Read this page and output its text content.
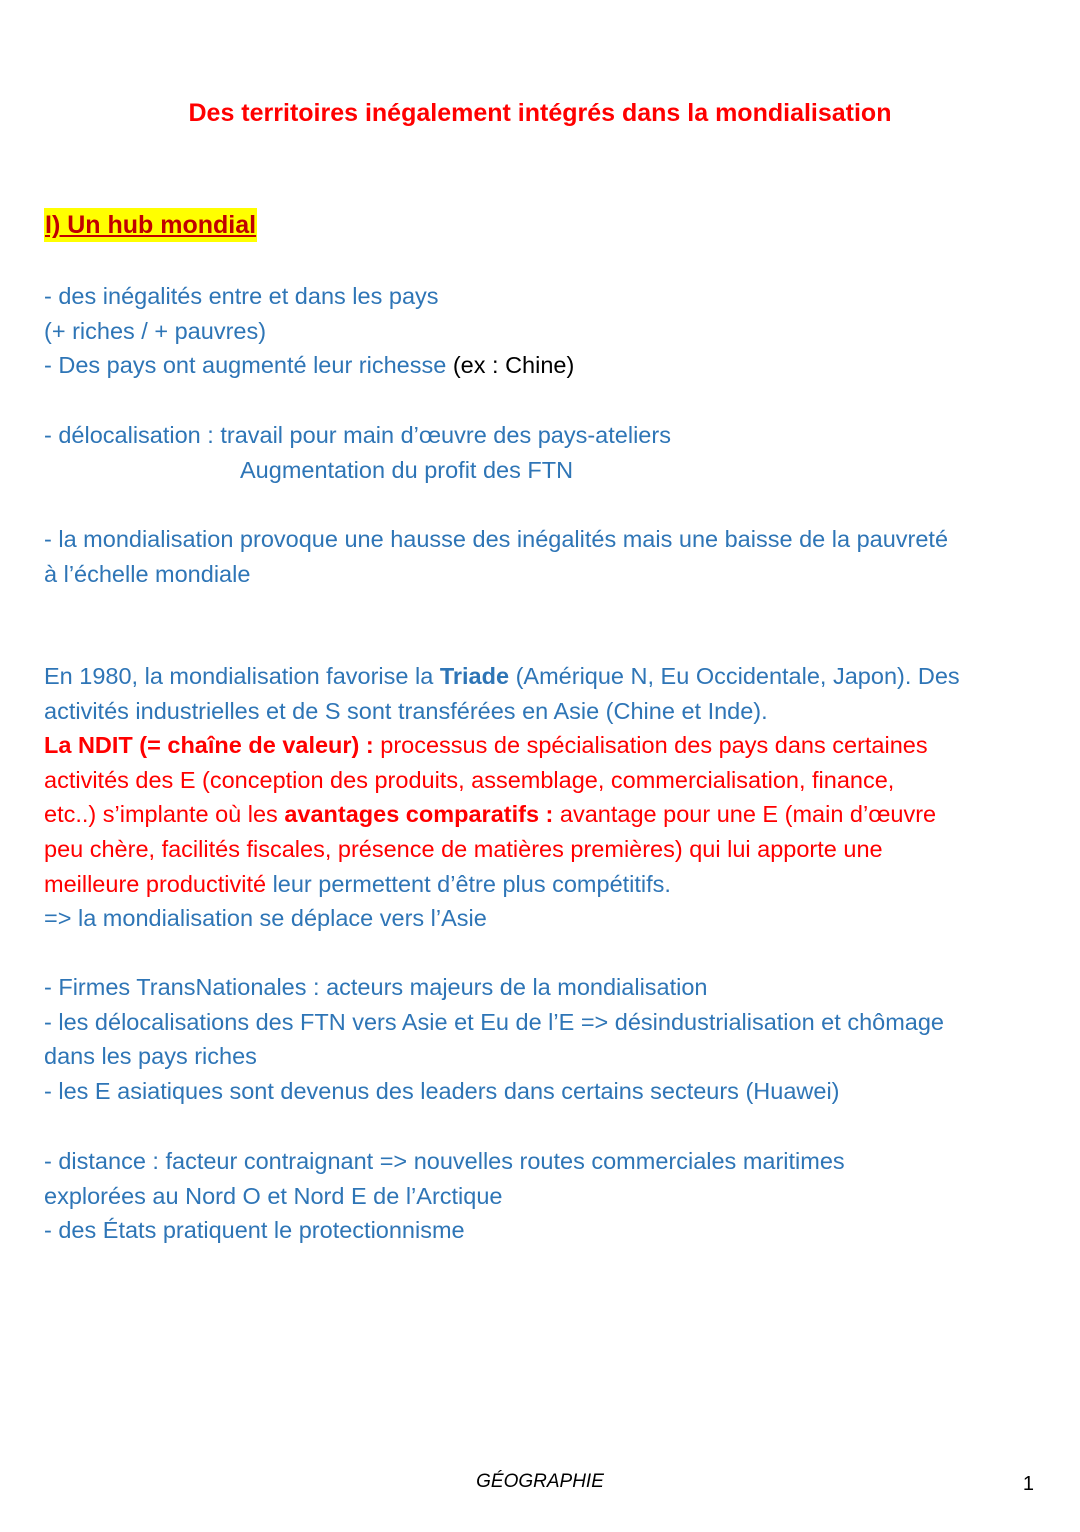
Des territoires inégalement intégrés dans la mondialisation
I) Un hub mondial
- des inégalités entre et dans les pays
(+ riches / + pauvres)
- Des pays ont augmenté leur richesse (ex : Chine)
- délocalisation : travail pour main d’œuvre des pays-ateliers
Augmentation du profit des FTN
- la mondialisation provoque une hausse des inégalités mais une baisse de la pauvreté
à l’échelle mondiale
En 1980, la mondialisation favorise la Triade (Amérique N, Eu Occidentale, Japon). Des
activités industrielles et de S sont transférées en Asie (Chine et Inde).
La NDIT (= chaîne de valeur) : processus de spécialisation des pays dans certaines
activités des E (conception des produits, assemblage, commercialisation, finance,
etc..) s’implante où les avantages comparatifs : avantage pour une E (main d’œuvre
peu chère, facilités fiscales, présence de matières premières) qui lui apporte une
meilleure productivité leur permettent d’être plus compétitifs.
=> la mondialisation se déplace vers l’Asie
- Firmes TransNationales : acteurs majeurs de la mondialisation
- les délocalisations des FTN vers Asie et Eu de l’E => désindustrialisation et chômage
dans les pays riches
- les E asiatiques sont devenus des leaders dans certains secteurs (Huawei)
- distance : facteur contraignant => nouvelles routes commerciales maritimes
explorées au Nord O et Nord E de l’Arctique
- des États pratiquent le protectionnisme
GÉOGRAPHIE	1
